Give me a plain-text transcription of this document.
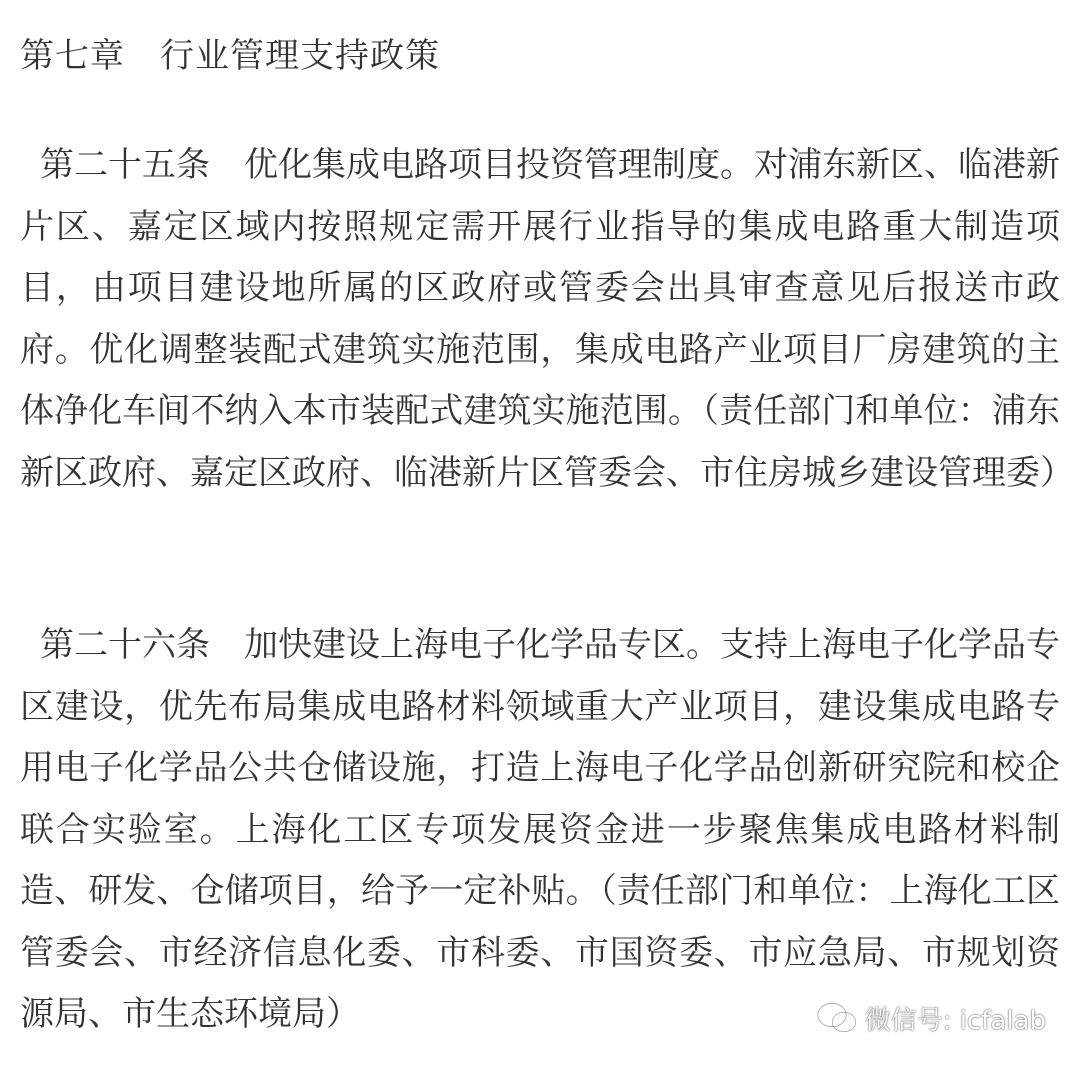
第七章　行业管理支持政策

第二十五条　 优化集成电路项目投资管理制度。对浦东新区、临港新片区、嘉定区域内按照规定需开展行业指导的集成电路重大制造项目，由项目建设地所属的区政府或管委会出具审查意见后报送市政府。优化调整装配式建筑实施范围，集成电路产业项目厂房建筑的主体净化车间不纳入本市装配式建筑实施范围。（责任部门和单位：浦东新区政府、嘉定区政府、临港新片区管委会、市住房城乡建设管理委）

第二十六条　 加快建设上海电子化学品专区。支持上海电子化学品专区建设，优先布局集成电路材料领域重大产业项目，建设集成电路专用电子化学品公共仓储设施，打造上海电子化学品创新研究院和校企联合实验室。上海化工区专项发展资金进一步聚焦集成电路材料制造、研发、仓储项目，给予一定补贴。（责任部门和单位：上海化工区管委会、市经济信息化委、市科委、市国资委、市应急局、市规划资源局、市生态环境局）	微信号: icfalab
